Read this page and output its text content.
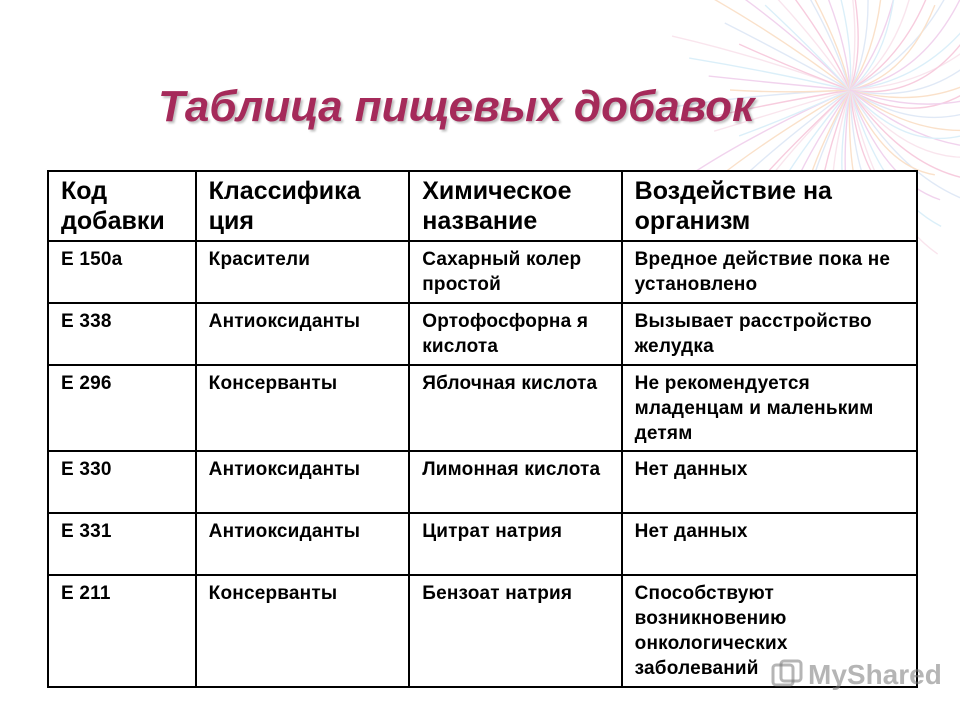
Таблица пищевых добавок
Код добавки	Классифика ция	Химическое название	Воздействие на организм
Е 150а	Красители	Сахарный колер простой	Вредное действие пока не установлено
Е 338	Антиоксиданты	Ортофосфорна я кислота	Вызывает расстройство желудка
Е 296	Консерванты	Яблочная кислота	Не рекомендуется младенцам и маленьким детям
Е 330	Антиоксиданты	Лимонная кислота	Нет данных
Е 331	Антиоксиданты	Цитрат натрия	Нет данных
Е 211	Консерванты	Бензоат натрия	Способствуют возникновению онкологических заболеваний MyShared
